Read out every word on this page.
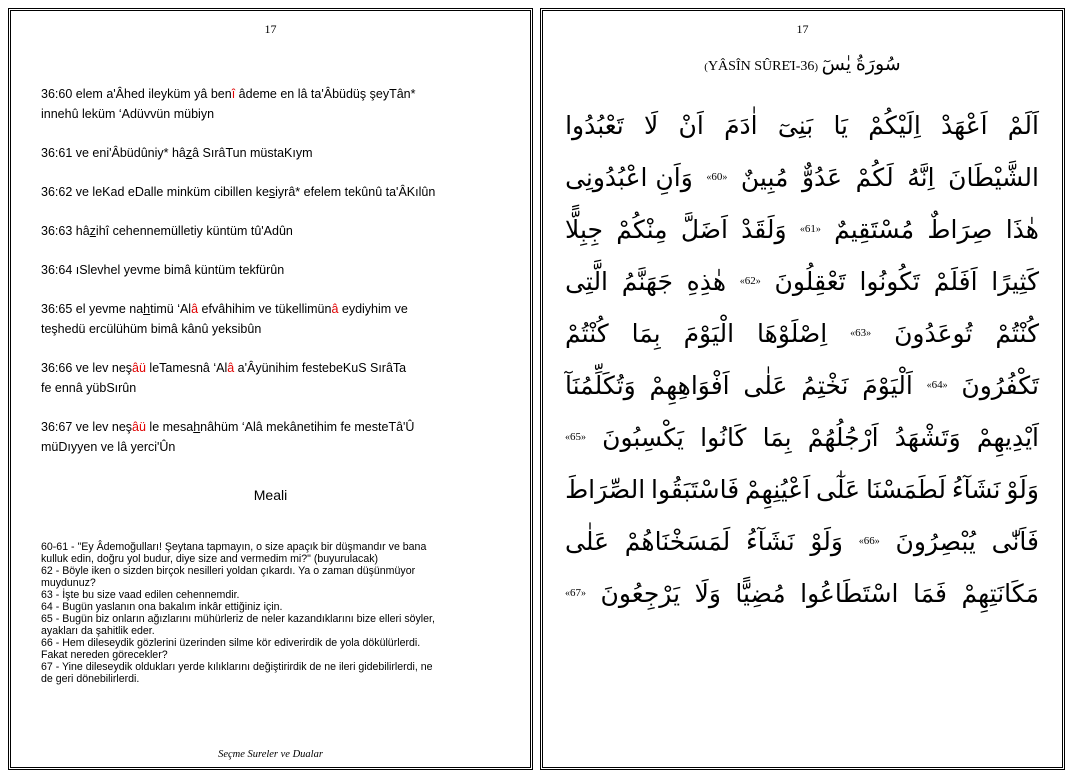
17
36:60 elem a'Âhed ileyküm yâ benî âdeme en lâ ta'Âbüdüş şeyTân*
innehû leküm ‘Adüvvün mübiyn
36:61 ve eni'Âbüdûniy* hâzâ SırâTun müstaKıym
36:62 ve leKad eDalle minküm cibillen kesiyrâ* efelem tekûnû ta'ÂKılûn
36:63 hâzihî cehennemülletiy küntüm tû'Adûn
36:64 ıSlevhel yevme bimâ küntüm tekfürûn
36:65 el yevme nahtimü ‘Alâ efvâhihim ve tükellimünâ eydiyhim ve
teşhedü ercülühüm bimâ kânû yeksibûn
36:66 ve lev neşâü leTamesnâ ‘Alâ a'Âyünihim festebeKuS SırâTa
fe ennâ yübSırûn
36:67 ve lev neşâü le mesahnâhüm ‘Alâ mekânetihim fe mesteTâ'Û
müDıyyen ve lâ yerci'Ûn
Meali
60-61 - "Ey Âdemoğulları! Şeytana tapmayın, o size apaçık bir düşmandır ve bana
kulluk edin, doğru yol budur, diye size and vermedim mi?" (buyurulacak)
62 - Böyle iken o sizden birçok nesilleri yoldan çıkardı. Ya o zaman düşünmüyor
muydunuz?
63 - İşte bu size vaad edilen cehennemdir.
64 - Bugün yaslanın ona bakalım inkâr ettiğiniz için.
65 - Bugün biz onların ağızlarını mühürleriz de neler kazandıklarını bize elleri söyler,
ayakları da şahitlik eder.
66 - Hem dileseydik gözlerini üzerinden silme kör ediverirdik de yola dökülürlerdi.
Fakat nereden görecekler?
67 - Yine dileseydik oldukları yerde kılıklarını değiştirirdik de ne ileri gidebilirlerdi, ne
de geri dönebilirlerdi.
Seçme Sureler ve Dualar
17
(YÂSÎN SÛREΊ-36) سُورَةُ يٰسٓ
اَلَمْ
اَعْهَدْ
اِلَيْكُمْ
يَا
بَنِىٓ
اٰدَمَ
اَنْ
لَا
تَعْبُدُوا
الشَّيْطَانَ
اِنَّهُ
لَكُمْ
عَدُوٌّ
مُبِينٌ
«60»
وَاَنِ اعْبُدُونِى
هٰذَا
صِرَاطٌ
مُسْتَقِيمٌ
«61»
وَلَقَدْ
اَضَلَّ
مِنْكُمْ
جِبِلًّا
كَثِيرًا
اَفَلَمْ
تَكُونُوا
تَعْقِلُونَ
«62»
هٰذِهِ
جَهَنَّمُ
الَّتِى
كُنْتُمْ
تُوعَدُونَ
«63»
اِصْلَوْهَا
الْيَوْمَ
بِمَا
كُنْتُمْ
تَكْفُرُونَ
«64»
اَلْيَوْمَ
نَخْتِمُ
عَلٰى
اَفْوَاهِهِمْ
وَتُكَلِّمُنَآ
اَيْدِيهِمْ
وَتَشْهَدُ
اَرْجُلُهُمْ
بِمَا
كَانُوا
يَكْسِبُونَ
«65»
وَلَوْ
نَشَآءُ
لَطَمَسْنَا
عَلٰٓى
اَعْيُنِهِمْ
فَاسْتَبَقُوا
الصِّرَاطَ
فَاَنّٰى
يُبْصِرُونَ
«66»
وَلَوْ
نَشَآءُ
لَمَسَخْنَاهُمْ
عَلٰى
مَكَانَتِهِمْ
فَمَا
اسْتَطَاعُوا
مُضِيًّا
وَلَا
يَرْجِعُونَ
«67»
